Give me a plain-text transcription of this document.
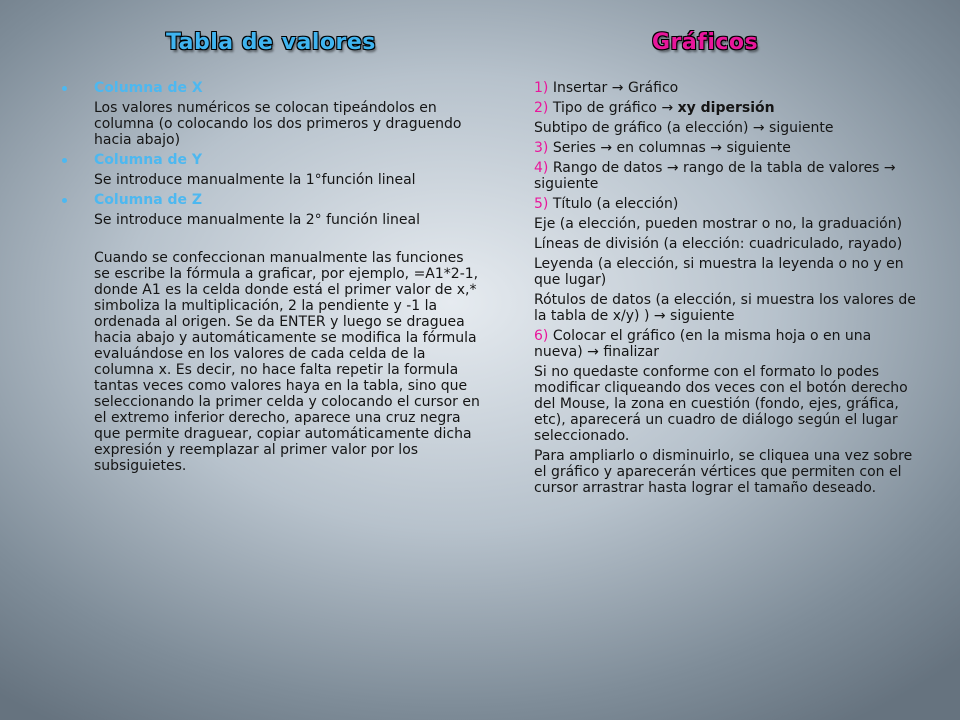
Tabla de valores	Gráficos
Columna de X
Los valores numéricos se colocan tipeándolos en columna (o colocando los dos primeros y draguendo hacia abajo)
Columna de Y
Se introduce manualmente la 1°función lineal
Columna de Z
Se introduce manualmente la 2° función lineal
Cuando se confeccionan manualmente las funciones se escribe la fórmula a graficar, por ejemplo, =A1*2-1, donde A1 es la celda donde está el primer valor de x,* simboliza la multiplicación, 2 la pendiente y -1 la ordenada al origen. Se da ENTER y luego se draguea hacia abajo y automáticamente se modifica la fórmula evaluándose en los valores de cada celda de la columna x. Es decir, no hace falta repetir la formula tantas veces como valores haya en la tabla, sino que seleccionando la primer celda y colocando el cursor en el extremo inferior derecho, aparece una cruz negra que permite draguear, copiar automáticamente dicha expresión y reemplazar al primer valor por los subsiguietes.
1) Insertar → Gráfico
2) Tipo de gráfico → xy dipersión
Subtipo de gráfico (a elección) → siguiente
3) Series → en columnas → siguiente
4) Rango de datos → rango de la tabla de valores → siguiente
5) Título (a elección)
Eje (a elección, pueden mostrar o no, la graduación)
Líneas de división (a elección: cuadriculado, rayado)
Leyenda (a elección, si muestra la leyenda o no y en que lugar)
Rótulos de datos (a elección, si muestra los valores de la tabla de x/y) ) → siguiente
6) Colocar el gráfico (en la misma hoja o en una nueva) → finalizar
Si no quedaste conforme con el formato lo podes modificar cliqueando dos veces con el botón derecho del Mouse, la zona en cuestión (fondo, ejes, gráfica, etc), aparecerá un cuadro de diálogo según el lugar seleccionado.
Para ampliarlo o disminuirlo, se cliquea una vez sobre el gráfico y aparecerán vértices que permiten con el cursor arrastrar hasta lograr el tamaño deseado.
